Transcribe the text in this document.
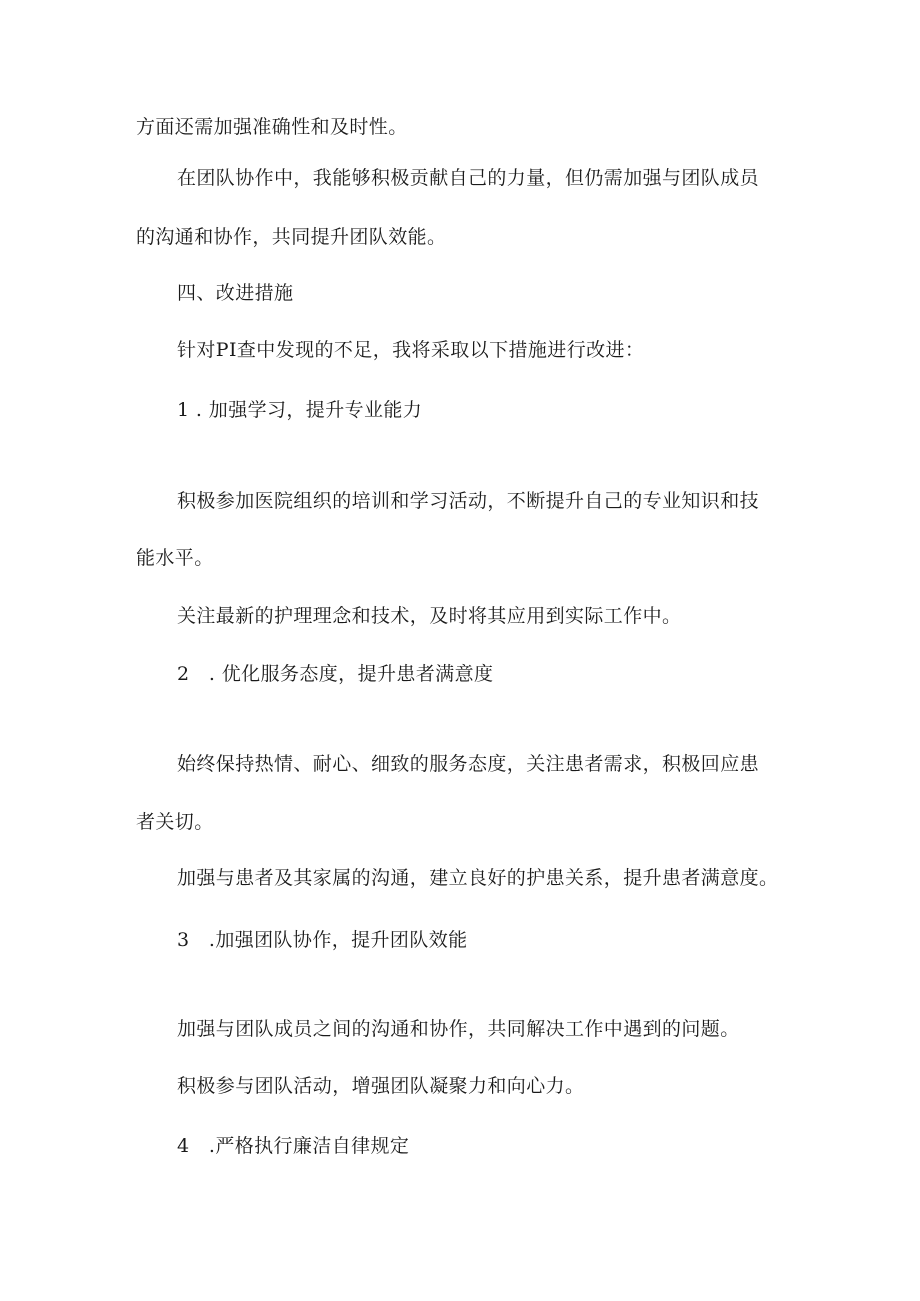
方面还需加强准确性和及时性。
在团队协作中，我能够积极贡献自己的力量，但仍需加强与团队成员
的沟通和协作，共同提升团队效能。
四、改进措施
针对PI查中发现的不足，我将采取以下措施进行改进：
1 . 加强学习，提升专业能力
积极参加医院组织的培训和学习活动，不断提升自己的专业知识和技
能水平。
关注最新的护理理念和技术，及时将其应用到实际工作中。
2　. 优化服务态度，提升患者满意度
始终保持热情、耐心、细致的服务态度，关注患者需求，积极回应患
者关切。
加强与患者及其家属的沟通，建立良好的护患关系，提升患者满意度。
3　.加强团队协作，提升团队效能
加强与团队成员之间的沟通和协作，共同解决工作中遇到的问题。
积极参与团队活动，增强团队凝聚力和向心力。
4　.严格执行廉洁自律规定
